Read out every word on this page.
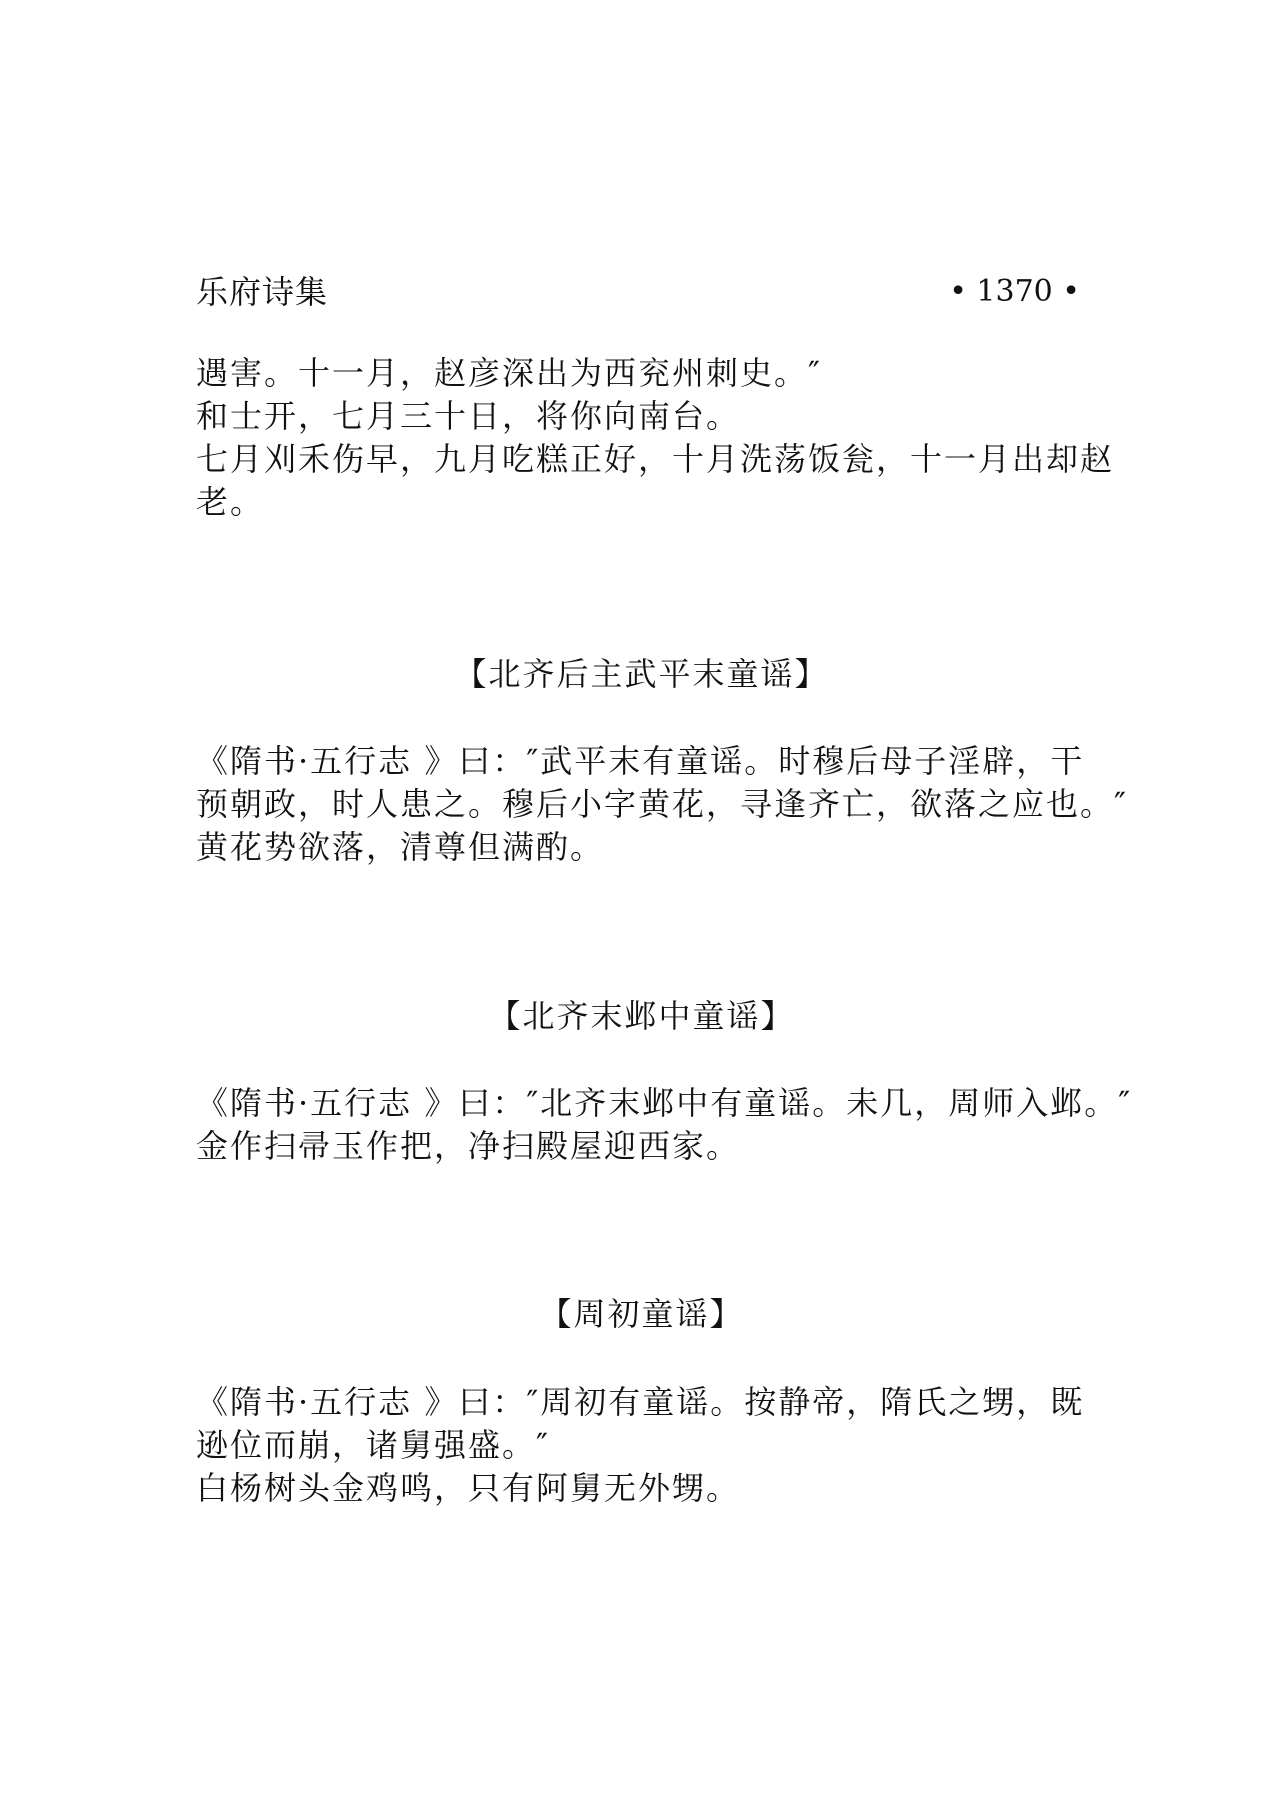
乐府诗集	• 1370 •

遇害。十一月，赵彦深出为西兖州刺史。″

和士开，七月三十日，将你向南台。

七月刈禾伤早，九月吃糕正好，十月洗荡饭瓮，十一月出却赵

老。

【北齐后主武平末童谣】

《隋书·五行志 》曰：″武平末有童谣。时穆后母子淫辟，干

预朝政，时人患之。穆后小字黄花，寻逢齐亡，欲落之应也。″

黄花势欲落，清尊但满酌。

【北齐末邺中童谣】

《隋书·五行志 》曰：″北齐末邺中有童谣。未几，周师入邺。″

金作扫帚玉作把，净扫殿屋迎西家。

【周初童谣】

《隋书·五行志 》曰：″周初有童谣。按静帝，隋氏之甥，既

逊位而崩，诸舅强盛。″

白杨树头金鸡鸣，只有阿舅无外甥。
